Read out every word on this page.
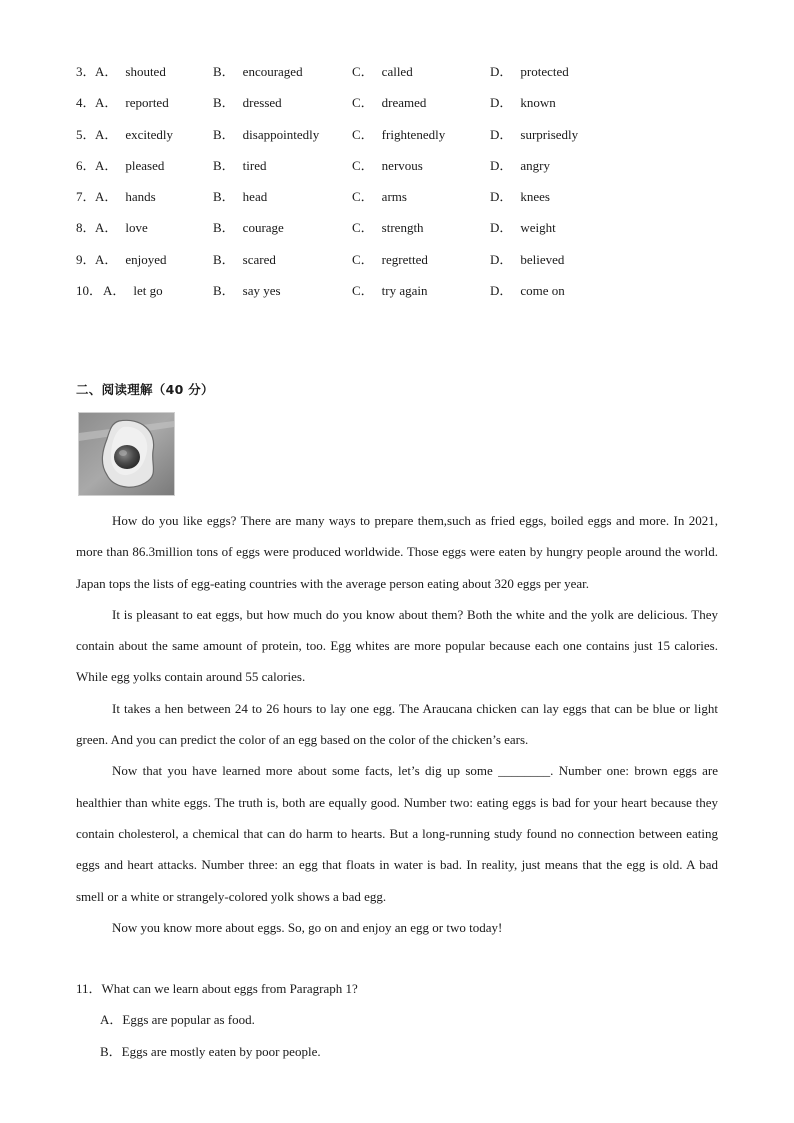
3． A． shouted	B． encouraged	C． called	D． protected
4． A． reported	B． dressed	C． dreamed	D． known
5． A． excitedly	B． disappointedly	C． frightenedly	D． surprisedly
6． A． pleased	B． tired	C． nervous	D． angry
7． A． hands	B． head	C． arms	D． knees
8． A． love	B． courage	C． strength	D． weight
9． A． enjoyed	B． scared	C． regretted	D． believed
10． A． let go	B． say yes	C． try again	D． come on
二、阅读理解（40 分）

How do you like eggs? There are many ways to prepare them,such as fried eggs, boiled eggs and more. In 2021, more than 86.3million tons of eggs were produced worldwide. Those eggs were eaten by hungry people around the world. Japan tops the lists of egg-eating countries with the average person eating about 320 eggs per year.

It is pleasant to eat eggs, but how much do you know about them? Both the white and the yolk are delicious. They contain about the same amount of protein, too. Egg whites are more popular because each one contains just 15 calories. While egg yolks contain around 55 calories.

It takes a hen between 24 to 26 hours to lay one egg. The Araucana chicken can lay eggs that can be blue or light green. And you can predict the color of an egg based on the color of the chicken’s ears.

Now that you have learned more about some facts, let’s dig up some ________. Number one: brown eggs are healthier than white eggs. The truth is, both are equally good. Number two: eating eggs is bad for your heart because they contain cholesterol, a chemical that can do harm to hearts. But a long-running study found no connection between eating eggs and heart attacks. Number three: an egg that floats in water is bad. In reality, just means that the egg is old. A bad smell or a white or strangely-colored yolk shows a bad egg.

Now you know more about eggs. So, go on and enjoy an egg or two today!

11．What can we learn about eggs from Paragraph 1?
A．Eggs are popular as food.
B．Eggs are mostly eaten by poor people.
